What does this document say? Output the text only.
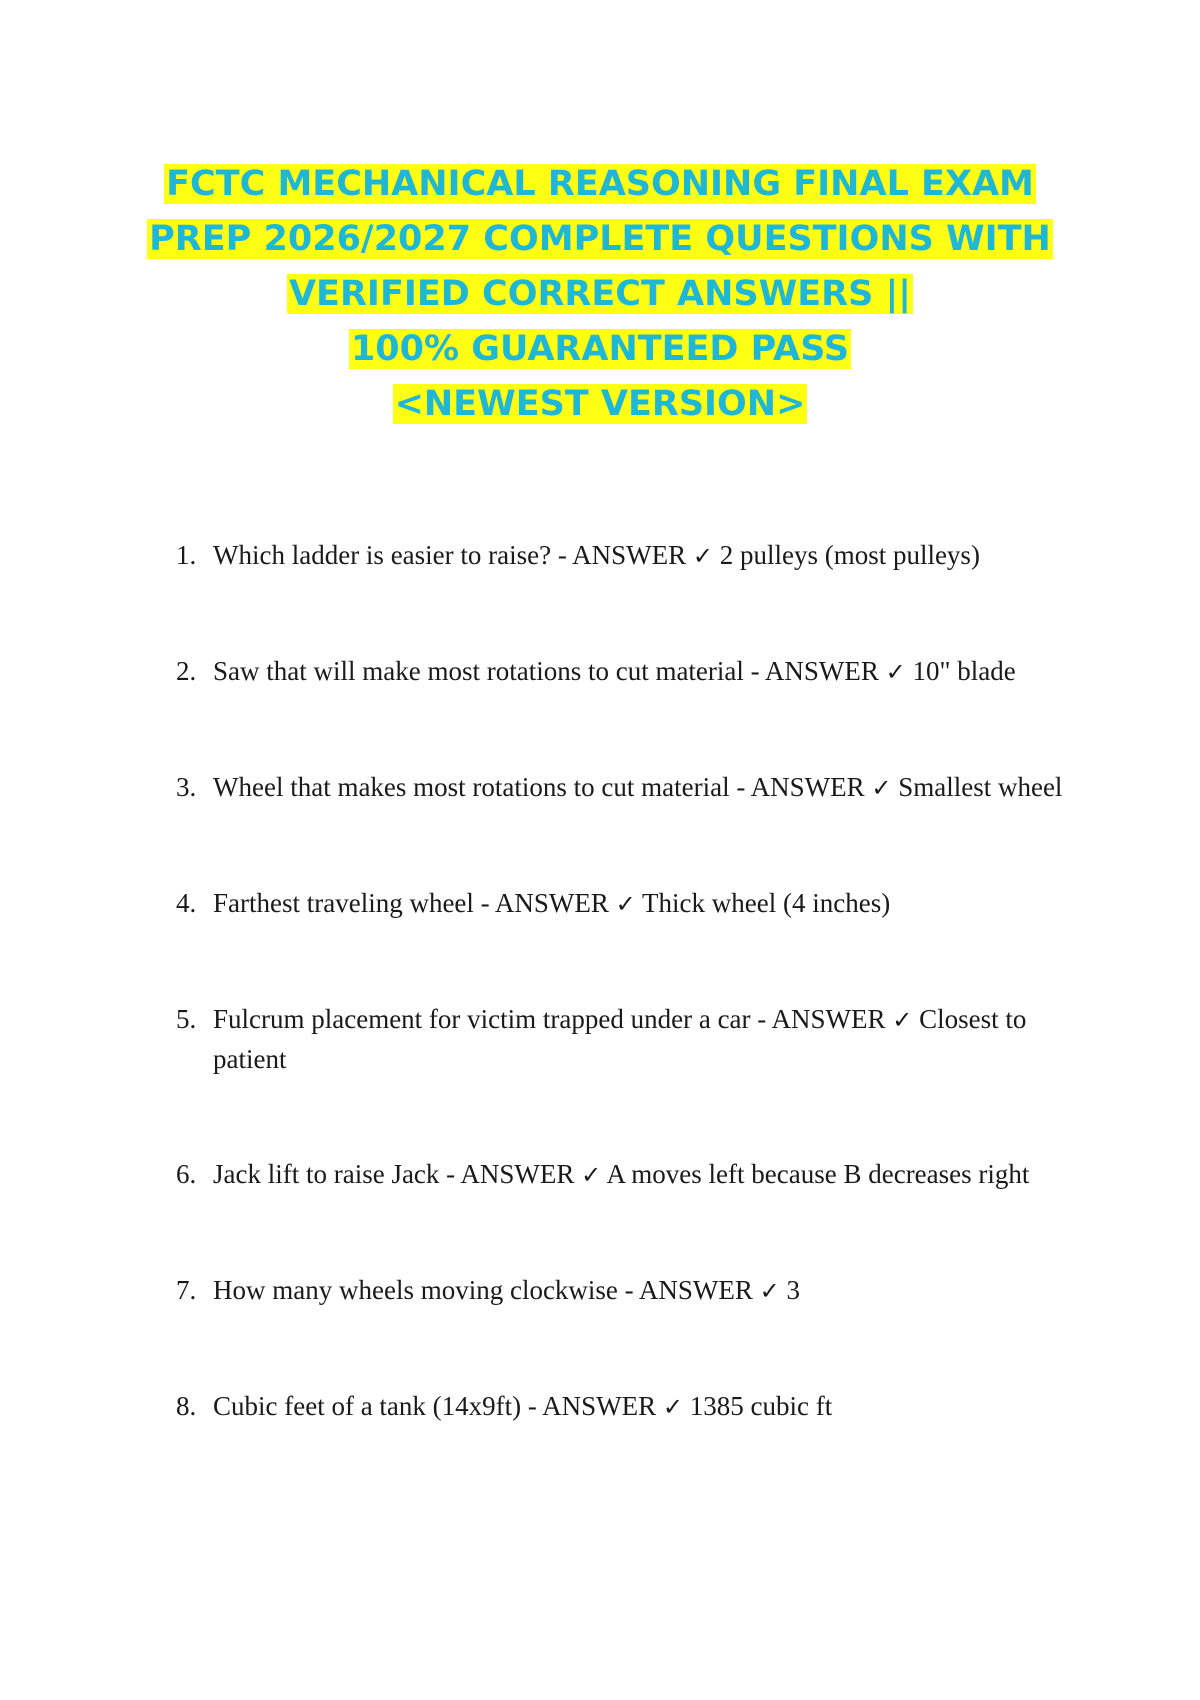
FCTC MECHANICAL REASONING FINAL EXAM
PREP 2026/2027 COMPLETE QUESTIONS WITH
VERIFIED CORRECT ANSWERS ||
100% GUARANTEED PASS
<NEWEST VERSION>
1. Which ladder is easier to raise? - ANSWER ✓ 2 pulleys (most pulleys)
2. Saw that will make most rotations to cut material - ANSWER ✓ 10" blade
3. Wheel that makes most rotations to cut material - ANSWER ✓ Smallest wheel
4. Farthest traveling wheel - ANSWER ✓ Thick wheel (4 inches)
5. Fulcrum placement for victim trapped under a car - ANSWER ✓ Closest to patient
6. Jack lift to raise Jack - ANSWER ✓ A moves left because B decreases right
7. How many wheels moving clockwise - ANSWER ✓ 3
8. Cubic feet of a tank (14x9ft) - ANSWER ✓ 1385 cubic ft
